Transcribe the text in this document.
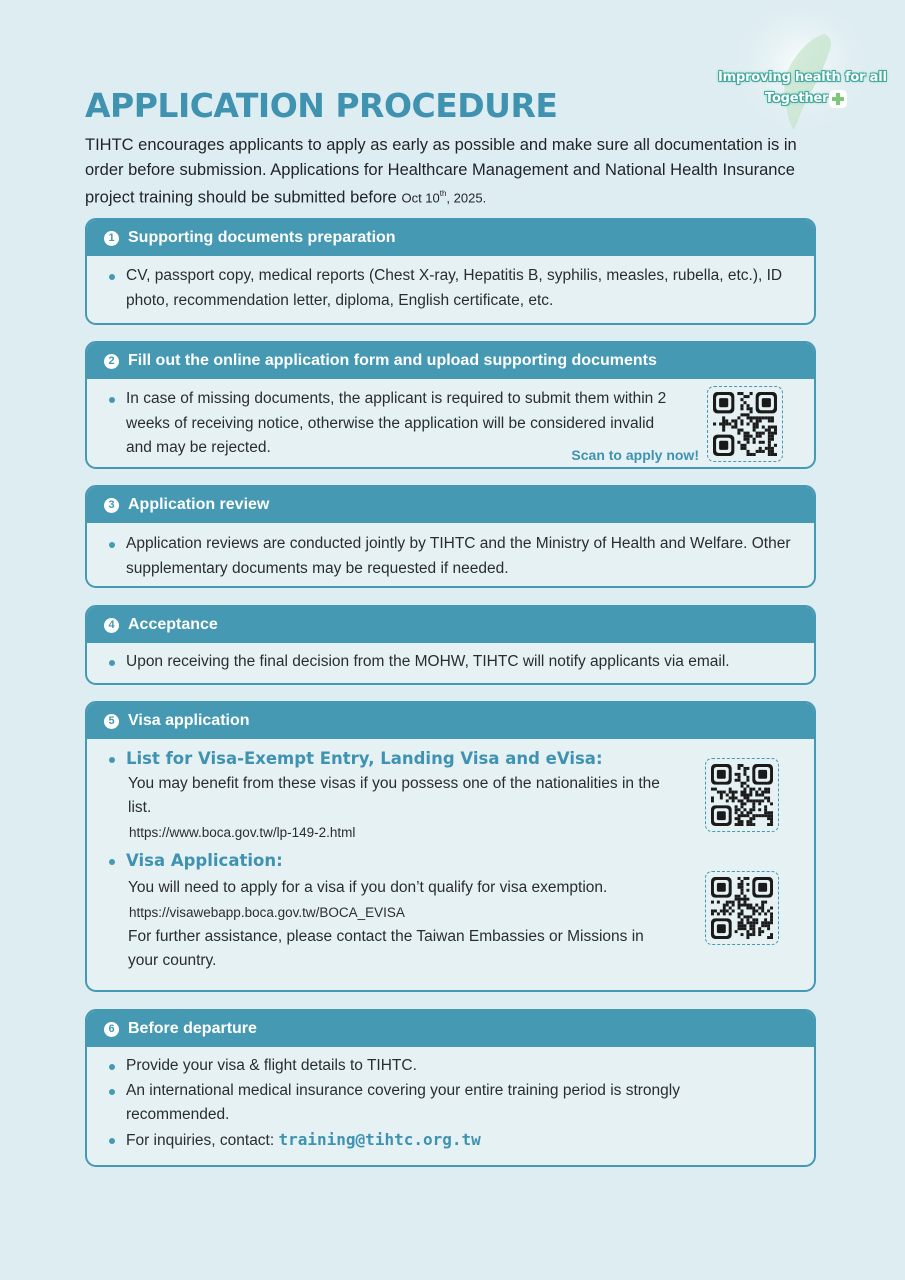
Improving health for all
Together
APPLICATION PROCEDURE

TIHTC encourages applicants to apply as early as possible and make sure all documentation is in order before submission. Applications for Healthcare Management and National Health Insurance project training should be submitted before Oct 10th, 2025.

1 Supporting documents preparation
CV, passport copy, medical reports (Chest X-ray, Hepatitis B, syphilis, measles, rubella, etc.), ID photo, recommendation letter, diploma, English certificate, etc.
2 Fill out the online application form and upload supporting documents
In case of missing documents, the applicant is required to submit them within 2 weeks of receiving notice, otherwise the application will be considered invalid and may be rejected.	Scan to apply now!
3 Application review
Application reviews are conducted jointly by TIHTC and the Ministry of Health and Welfare. Other supplementary documents may be requested if needed.
4 Acceptance
Upon receiving the final decision from the MOHW, TIHTC will notify applicants via email.
5 Visa application
List for Visa-Exempt Entry, Landing Visa and eVisa:
You may benefit from these visas if you possess one of the nationalities in the list.
https://www.boca.gov.tw/lp-149-2.html
Visa Application:
You will need to apply for a visa if you don’t qualify for visa exemption.
https://visawebapp.boca.gov.tw/BOCA_EVISA
For further assistance, please contact the Taiwan Embassies or Missions in your country.
6 Before departure
Provide your visa & flight details to TIHTC.
An international medical insurance covering your entire training period is strongly recommended.
For inquiries, contact: training@tihtc.org.tw
